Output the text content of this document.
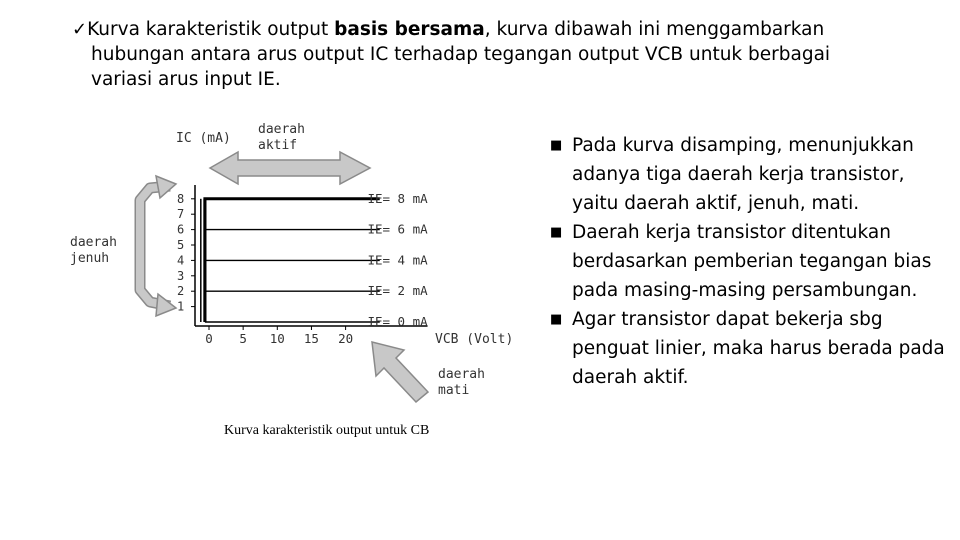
✓Kurva karakteristik output basis bersama, kurva dibawah ini menggambarkan
hubungan antara arus output IC terhadap tegangan output VCB untuk berbagai
variasi arus input IE.
■ Pada kurva disamping, menunjukkan adanya tiga daerah kerja transistor, yaitu daerah aktif, jenuh, mati.
■ Daerah kerja transistor ditentukan berdasarkan pemberian tegangan bias pada masing-masing persambungan.
■ Agar transistor dapat bekerja sbg penguat linier, maka harus berada pada daerah aktif.
1
2
3
4
5
6
7
8
0 5 10 15 20
IE= 8 mA
IE= 6 mA
IE= 4 mA
IE= 2 mA
IE= 0 mA
IC (mA)
VCB (Volt)
daerah
aktif
daerah
jenuh
daerah
mati
Kurva karakteristik output untuk CB
